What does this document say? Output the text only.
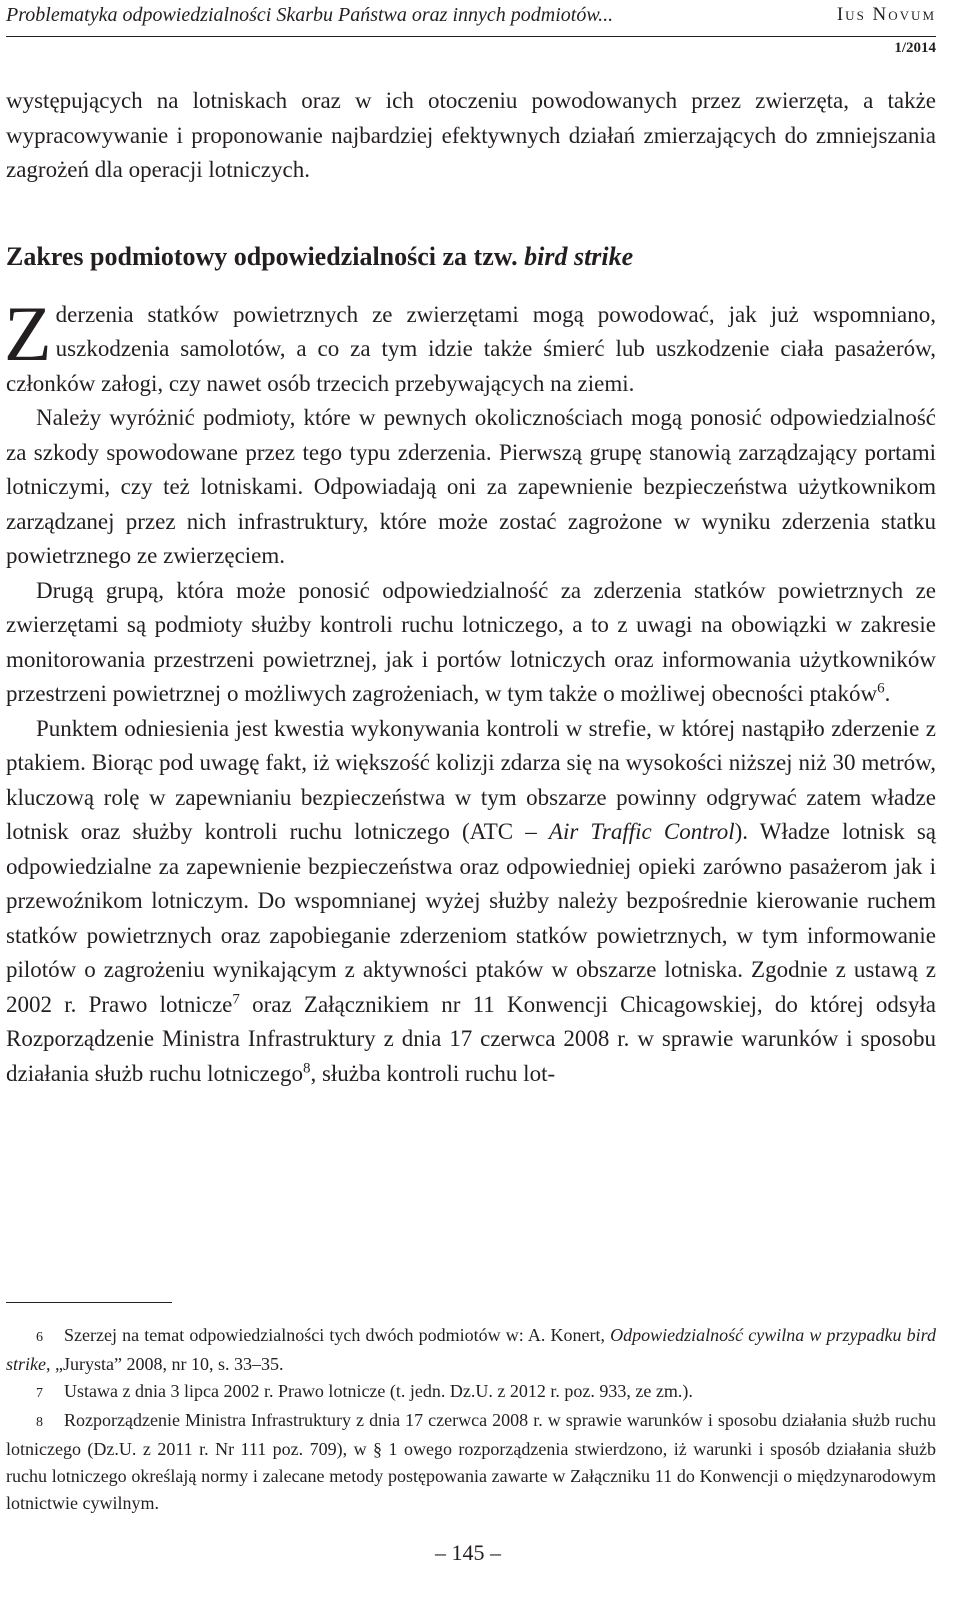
Problematyka odpowiedzialności Skarbu Państwa oraz innych podmiotów...	Ius Novum
1/2014

występujących na lotniskach oraz w ich otoczeniu powodowanych przez zwierzęta, a także wypracowywanie i proponowanie najbardziej efektywnych działań zmierzających do zmniejszania zagrożeń dla operacji lotniczych.

Zakres podmiotowy odpowiedzialności za tzw. bird strike

Zderzenia statków powietrznych ze zwierzętami mogą powodować, jak już wspomniano, uszkodzenia samolotów, a co za tym idzie także śmierć lub uszkodzenie ciała pasażerów, członków załogi, czy nawet osób trzecich przebywających na ziemi.

Należy wyróżnić podmioty, które w pewnych okolicznościach mogą ponosić odpowiedzialność za szkody spowodowane przez tego typu zderzenia. Pierwszą grupę stanowią zarządzający portami lotniczymi, czy też lotniskami. Odpowiadają oni za zapewnienie bezpieczeństwa użytkownikom zarządzanej przez nich infrastruktury, które może zostać zagrożone w wyniku zderzenia statku powietrznego ze zwierzęciem.

Drugą grupą, która może ponosić odpowiedzialność za zderzenia statków powietrznych ze zwierzętami są podmioty służby kontroli ruchu lotniczego, a to z uwagi na obowiązki w zakresie monitorowania przestrzeni powietrznej, jak i portów lotniczych oraz informowania użytkowników przestrzeni powietrznej o możliwych zagrożeniach, w tym także o możliwej obecności ptaków$^6$.

Punktem odniesienia jest kwestia wykonywania kontroli w strefie, w której nastąpiło zderzenie z ptakiem. Biorąc pod uwagę fakt, iż większość kolizji zdarza się na wysokości niższej niż 30 metrów, kluczową rolę w zapewnianiu bezpieczeństwa w tym obszarze powinny odgrywać zatem władze lotnisk oraz służby kontroli ruchu lotniczego (ATC – Air Traffic Control). Władze lotnisk są odpowiedzialne za zapewnienie bezpieczeństwa oraz odpowiedniej opieki zarówno pasażerom jak i przewoźnikom lotniczym. Do wspomnianej wyżej służby należy bezpośrednie kierowanie ruchem statków powietrznych oraz zapobieganie zderzeniom statków powietrznych, w tym informowanie pilotów o zagrożeniu wynikającym z aktywności ptaków w obszarze lotniska. Zgodnie z ustawą z 2002 r. Prawo lotnicze$^7$ oraz Załącznikiem nr 11 Konwencji Chicagowskiej, do której odsyła Rozporządzenie Ministra Infrastruktury z dnia 17 czerwca 2008 r. w sprawie warunków i sposobu działania służb ruchu lotniczego$^8$, służba kontroli ruchu lot-

6 Szerzej na temat odpowiedzialności tych dwóch podmiotów w: A. Konert, Odpowiedzialność cywilna w przypadku bird strike, „Jurysta” 2008, nr 10, s. 33–35.

7 Ustawa z dnia 3 lipca 2002 r. Prawo lotnicze (t. jedn. Dz.U. z 2012 r. poz. 933, ze zm.).

8 Rozporządzenie Ministra Infrastruktury z dnia 17 czerwca 2008 r. w sprawie warunków i sposobu działania służb ruchu lotniczego (Dz.U. z 2011 r. Nr 111 poz. 709), w § 1 owego rozporządzenia stwierdzono, iż warunki i sposób działania służb ruchu lotniczego określają normy i zalecane metody postępowania zawarte w Załączniku 11 do Konwencji o międzynarodowym lotnictwie cywilnym.

– 145 –
